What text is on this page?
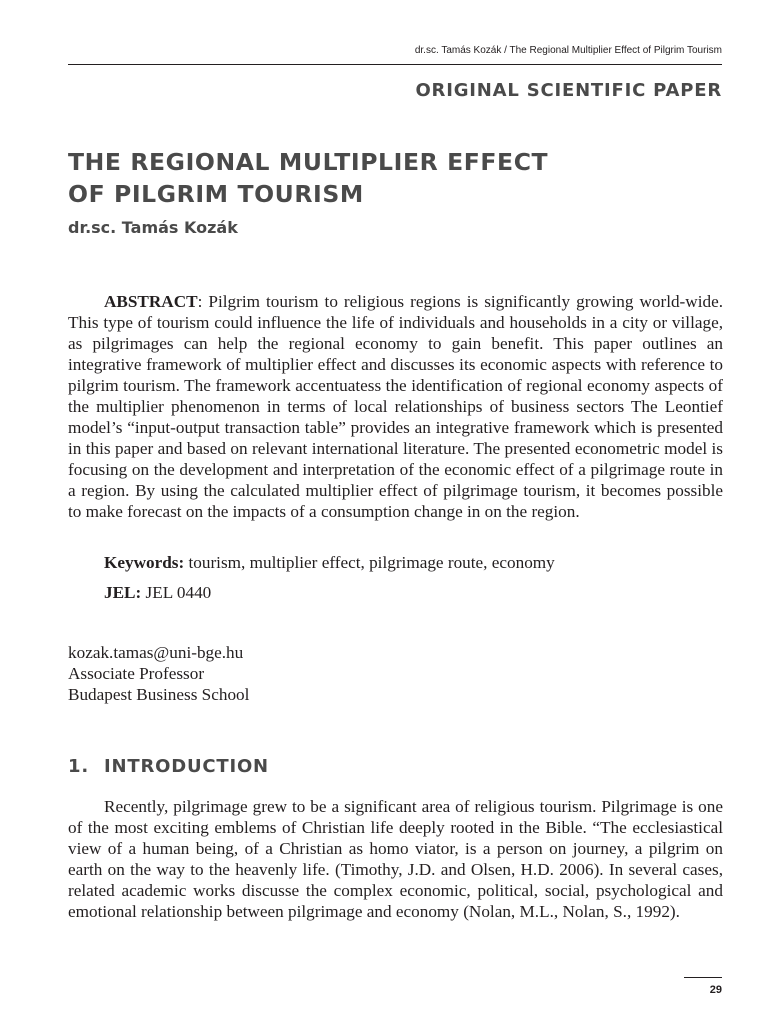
dr.sc. Tamás Kozák / The Regional Multiplier Effect of Pilgrim Tourism
ORIGINAL SCIENTIFIC PAPER
THE REGIONAL MULTIPLIER EFFECT
OF PILGRIM TOURISM
dr.sc. Tamás Kozák

ABSTRACT: Pilgrim tourism to religious regions is significantly growing world-wide. This type of tourism could influence the life of individuals and households in a city or village, as pilgrimages can help the regional economy to gain benefit. This paper outlines an integrative framework of multiplier effect and discusses its economic aspects with reference to pilgrim tourism. The framework accentuatess the identification of regional economy aspects of the multiplier phenomenon in terms of local relationships of business sectors The Leontief model’s “input-output transaction table” provides an integrative framework which is presented in this paper and based on relevant international literature. The presented econometric model is focusing on the development and interpretation of the economic effect of a pilgrimage route in a region. By using the calculated multiplier effect of pilgrimage tourism, it becomes possible to make forecast on the impacts of a consumption change in on the region.

Keywords: tourism, multiplier effect, pilgrimage route, economy

JEL: JEL 0440

kozak.tamas@uni-bge.hu
Associate Professor
Budapest Business School
1. INTRODUCTION

Recently, pilgrimage grew to be a significant area of religious tourism. Pilgrimage is one of the most exciting emblems of Christian life deeply rooted in the Bible. “The ecclesiastical view of a human being, of a Christian as homo viator, is a person on journey, a pilgrim on earth on the way to the heavenly life. (Timothy, J.D. and Olsen, H.D. 2006). In several cases, related academic works discusse the complex economic, political, social, psychological and emotional relationship between pilgrimage and economy (Nolan, M.L., Nolan, S., 1992).

29
